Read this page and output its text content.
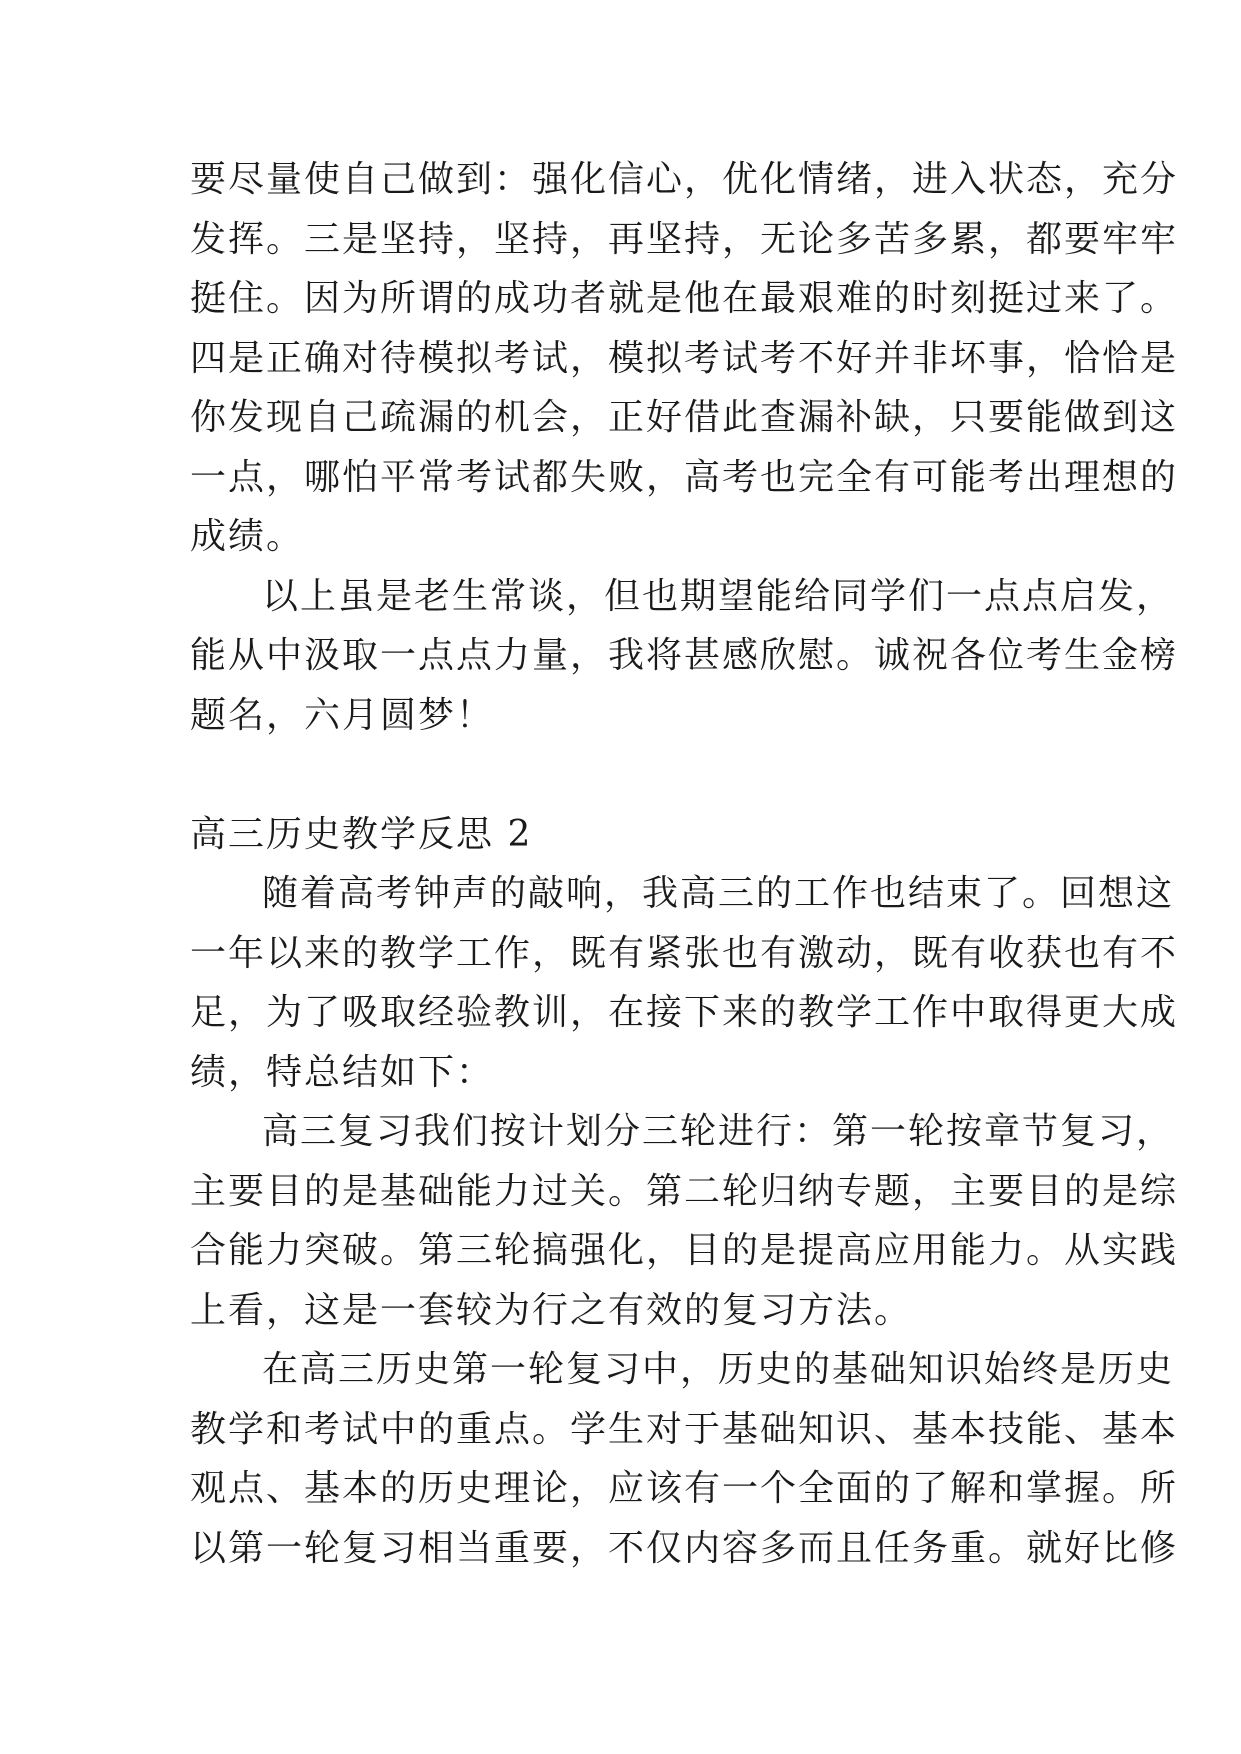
要尽量使自己做到：强化信心，优化情绪，进入状态，充分
发挥。三是坚持，坚持，再坚持，无论多苦多累，都要牢牢
挺住。因为所谓的成功者就是他在最艰难的时刻挺过来了。
四是正确对待模拟考试，模拟考试考不好并非坏事，恰恰是
你发现自己疏漏的机会，正好借此查漏补缺，只要能做到这
一点，哪怕平常考试都失败，高考也完全有可能考出理想的
成绩。
以上虽是老生常谈，但也期望能给同学们一点点启发，
能从中汲取一点点力量，我将甚感欣慰。诚祝各位考生金榜
题名，六月圆梦！
高三历史教学反思 2
随着高考钟声的敲响，我高三的工作也结束了。回想这
一年以来的教学工作，既有紧张也有激动，既有收获也有不
足，为了吸取经验教训，在接下来的教学工作中取得更大成
绩，特总结如下：
高三复习我们按计划分三轮进行：第一轮按章节复习，
主要目的是基础能力过关。第二轮归纳专题，主要目的是综
合能力突破。第三轮搞强化，目的是提高应用能力。从实践
上看，这是一套较为行之有效的复习方法。
在高三历史第一轮复习中，历史的基础知识始终是历史
教学和考试中的重点。学生对于基础知识、基本技能、基本
观点、基本的历史理论，应该有一个全面的了解和掌握。所
以第一轮复习相当重要，不仅内容多而且任务重。就好比修
